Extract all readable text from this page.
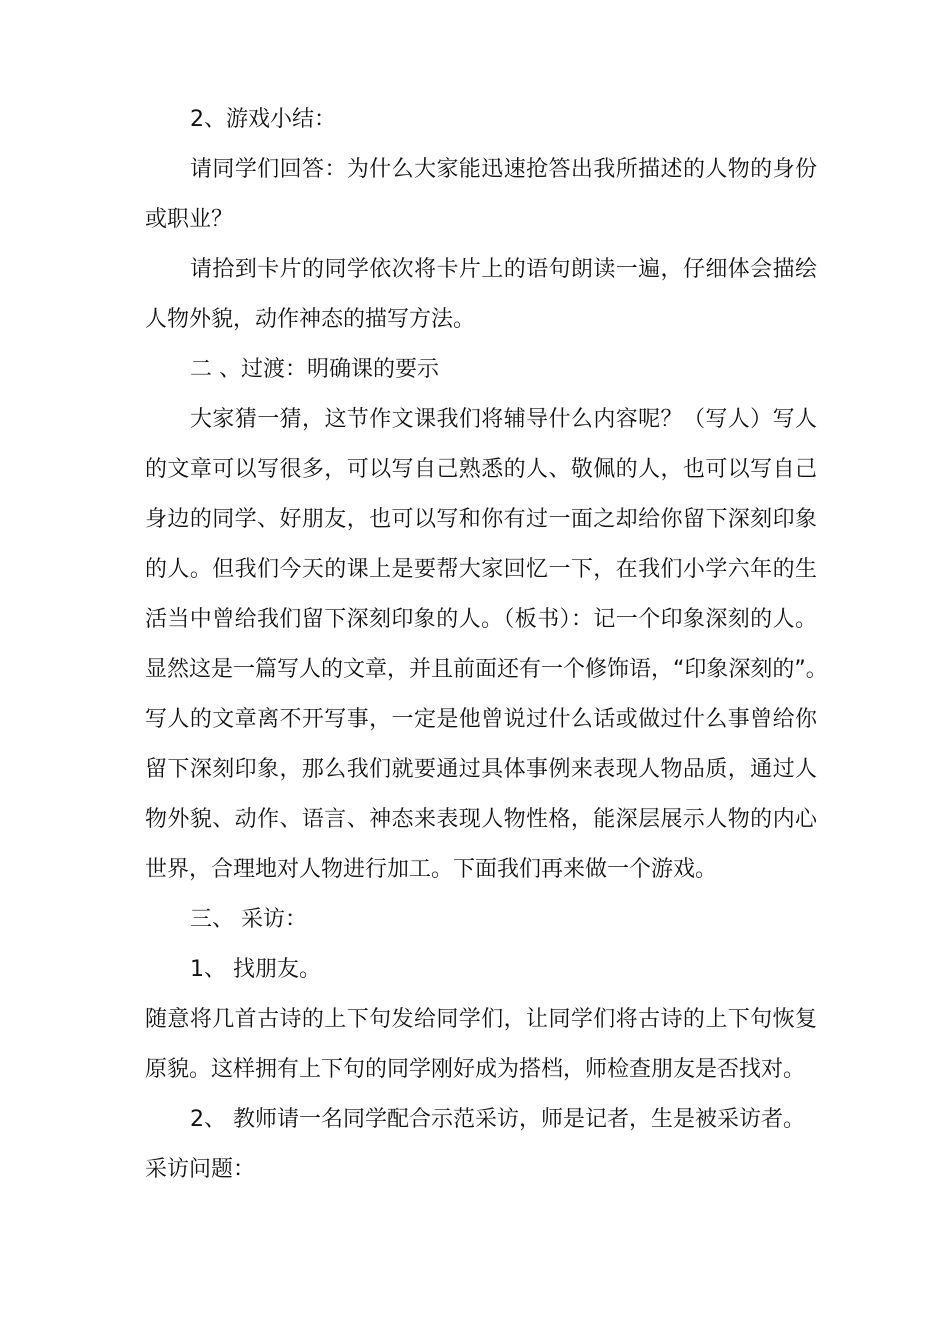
2、游戏小结：
请同学们回答：为什么大家能迅速抢答出我所描述的人物的身份
或职业？
请拾到卡片的同学依次将卡片上的语句朗读一遍，仔细体会描绘
人物外貌，动作神态的描写方法。
二 、过渡：明确课的要示
大家猜一猜，这节作文课我们将辅导什么内容呢？（写人）写人
的文章可以写很多，可以写自己熟悉的人、敬佩的人，也可以写自己
身边的同学、好朋友，也可以写和你有过一面之却给你留下深刻印象
的人。但我们今天的课上是要帮大家回忆一下，在我们小学六年的生
活当中曾给我们留下深刻印象的人。（板书）：记一个印象深刻的人。
显然这是一篇写人的文章，并且前面还有一个修饰语，“印象深刻的”。
写人的文章离不开写事，一定是他曾说过什么话或做过什么事曾给你
留下深刻印象，那么我们就要通过具体事例来表现人物品质，通过人
物外貌、动作、语言、神态来表现人物性格，能深层展示人物的内心
世界，合理地对人物进行加工。下面我们再来做一个游戏。
三、 采访：
1、 找朋友。
随意将几首古诗的上下句发给同学们，让同学们将古诗的上下句恢复
原貌。这样拥有上下句的同学刚好成为搭档，师检查朋友是否找对。
2、 教师请一名同学配合示范采访，师是记者，生是被采访者。
采访问题：
